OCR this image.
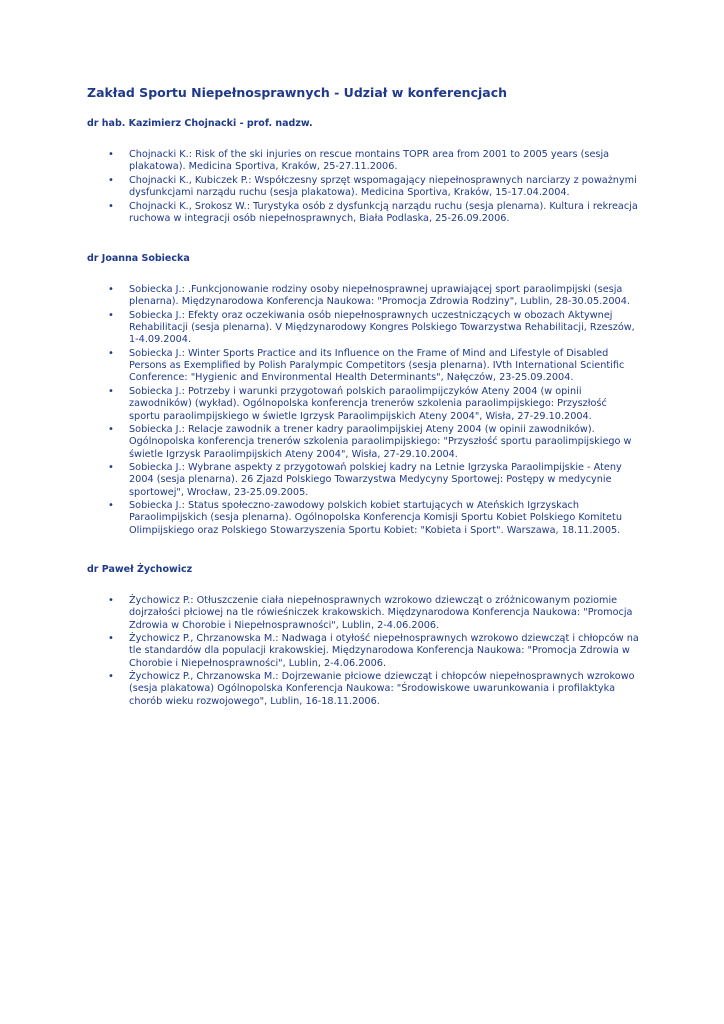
Zakład Sportu Niepełnosprawnych - Udział w konferencjach

dr hab. Kazimierz Chojnacki - prof. nadzw.

• Chojnacki K.: Risk of the ski injuries on rescue montains TOPR area from 2001 to 2005 years (sesja plakatowa). Medicina Sportiva, Kraków, 25-27.11.2006.
• Chojnacki K., Kubiczek P.: Współczesny sprzęt wspomagający niepełnosprawnych narciarzy z poważnymi dysfunkcjami narządu ruchu (sesja plakatowa). Medicina Sportiva, Kraków, 15-17.04.2004.
• Chojnacki K., Srokosz W.: Turystyka osób z dysfunkcją narządu ruchu (sesja plenarna). Kultura i rekreacja ruchowa w integracji osób niepełnosprawnych, Biała Podlaska, 25-26.09.2006.

dr Joanna Sobiecka

• Sobiecka J.: .Funkcjonowanie rodziny osoby niepełnosprawnej uprawiającej sport paraolimpijski (sesja plenarna). Międzynarodowa Konferencja Naukowa: "Promocja Zdrowia Rodziny", Lublin, 28-30.05.2004.
• Sobiecka J.: Efekty oraz oczekiwania osób niepełnosprawnych uczestniczących w obozach Aktywnej Rehabilitacji (sesja plenarna). V Międzynarodowy Kongres Polskiego Towarzystwa Rehabilitacji, Rzeszów, 1-4.09.2004.
• Sobiecka J.: Winter Sports Practice and its Influence on the Frame of Mind and Lifestyle of Disabled Persons as Exemplified by Polish Paralympic Competitors (sesja plenarna). IVth International Scientific Conference: "Hygienic and Environmental Health Determinants", Nałęczów, 23-25.09.2004.
• Sobiecka J.: Potrzeby i warunki przygotowań polskich paraolimpijczyków Ateny 2004 (w opinii zawodników) (wykład). Ogólnopolska konferencja trenerów szkolenia paraolimpijskiego: Przyszłość sportu paraolimpijskiego w świetle Igrzysk Paraolimpijskich Ateny 2004", Wisła, 27-29.10.2004.
• Sobiecka J.: Relacje zawodnik a trener kadry paraolimpijskiej Ateny 2004 (w opinii zawodników). Ogólnopolska konferencja trenerów szkolenia paraolimpijskiego: "Przyszłość sportu paraolimpijskiego w świetle Igrzysk Paraolimpijskich Ateny 2004", Wisła, 27-29.10.2004.
• Sobiecka J.: Wybrane aspekty z przygotowań polskiej kadry na Letnie Igrzyska Paraolimpijskie - Ateny 2004 (sesja plenarna). 26 Zjazd Polskiego Towarzystwa Medycyny Sportowej: Postępy w medycynie sportowej", Wrocław, 23-25.09.2005.
• Sobiecka J.: Status społeczno-zawodowy polskich kobiet startujących w Ateńskich Igrzyskach Paraolimpijskich (sesja plenarna). Ogólnopolska Konferencja Komisji Sportu Kobiet Polskiego Komitetu Olimpijskiego oraz Polskiego Stowarzyszenia Sportu Kobiet: "Kobieta i Sport". Warszawa, 18.11.2005.

dr Paweł Żychowicz

• Żychowicz P.: Otłuszczenie ciała niepełnosprawnych wzrokowo dziewcząt o zróżnicowanym poziomie dojrzałości płciowej na tle rówieśniczek krakowskich. Międzynarodowa Konferencja Naukowa: "Promocja Zdrowia w Chorobie i Niepełnosprawności", Lublin, 2-4.06.2006.
• Żychowicz P., Chrzanowska M.: Nadwaga i otyłość niepełnosprawnych wzrokowo dziewcząt i chłopców na tle standardów dla populacji krakowskiej. Międzynarodowa Konferencja Naukowa: "Promocja Zdrowia w Chorobie i Niepełnosprawności", Lublin, 2-4.06.2006.
• Żychowicz P., Chrzanowska M.: Dojrzewanie płciowe dziewcząt i chłopców niepełnosprawnych wzrokowo (sesja plakatowa) Ogólnopolska Konferencja Naukowa: "Środowiskowe uwarunkowania i profilaktyka chorób wieku rozwojowego", Lublin, 16-18.11.2006.
